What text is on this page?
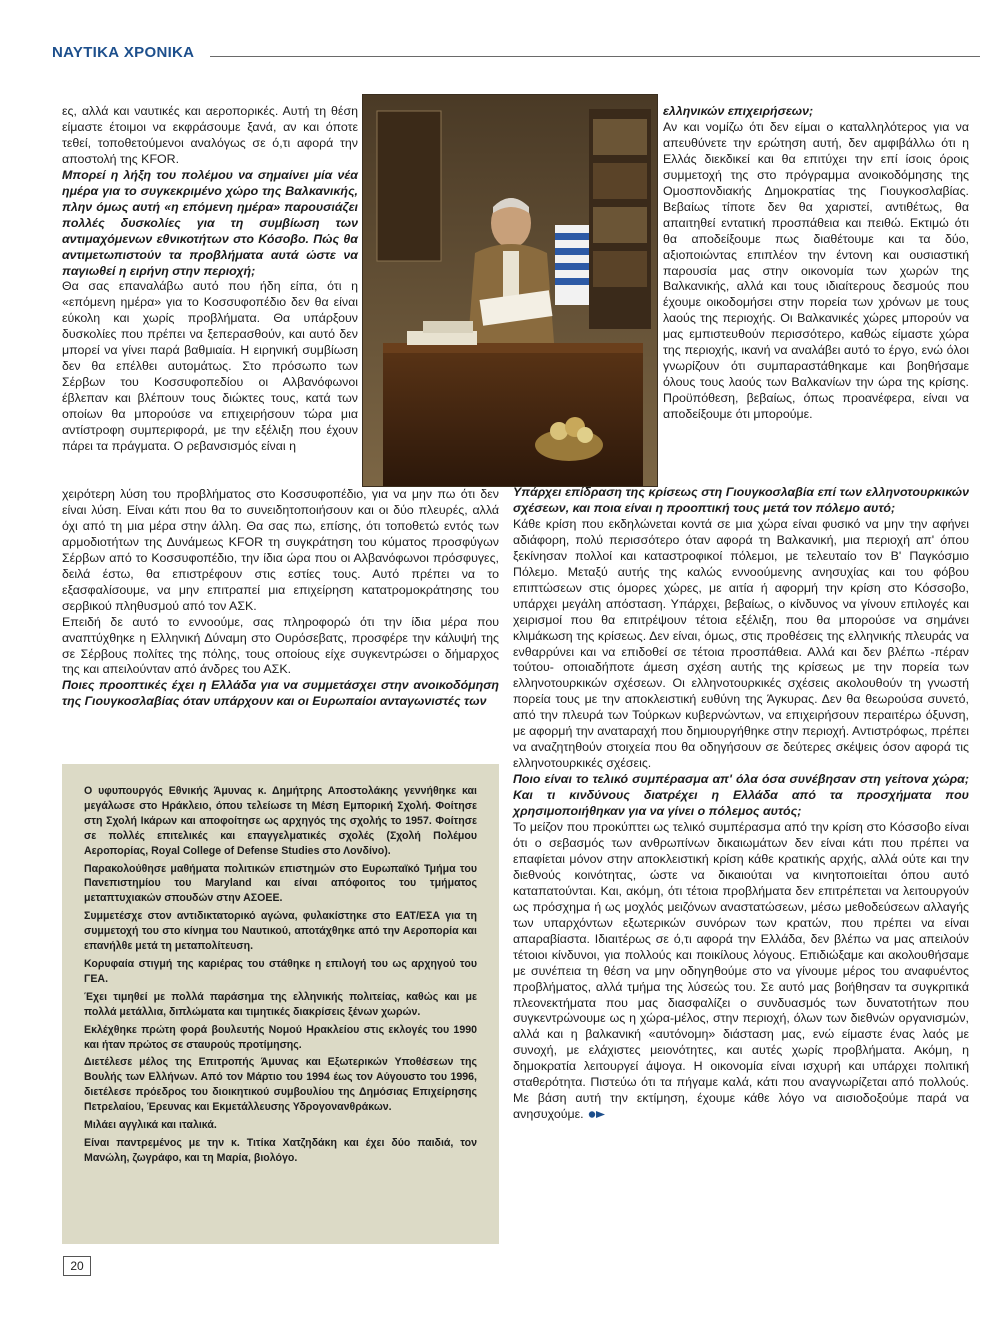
ΝΑΥΤΙΚΑ ΧΡΟΝΙΚΑ

ες, αλλά και ναυτικές και αεροπορικές. Αυτή τη θέση είμαστε έτοιμοι να εκφράσουμε ξανά, αν και όποτε τεθεί, τοποθετούμενοι αναλόγως σε ό,τι αφορά την αποστολή της KFOR.

Μπορεί η λήξη του πολέμου να σημαίνει μία νέα ημέρα για το συγκεκριμένο χώρο της Βαλκανικής, πλην όμως αυτή «η επόμενη ημέρα» παρουσιάζει πολλές δυσκολίες για τη συμβίωση των αντιμαχόμενων εθνικοτήτων στο Κόσοβο. Πώς θα αντιμετωπιστούν τα προβλήματα αυτά ώστε να παγιωθεί η ειρήνη στην περιοχή;

Θα σας επαναλάβω αυτό που ήδη είπα, ότι η «επόμενη ημέρα» για το Κοσσυφοπέδιο δεν θα είναι εύκολη και χωρίς προβλήματα. Θα υπάρξουν δυσκολίες που πρέπει να ξεπερασθούν, και αυτό δεν μπορεί να γίνει παρά βαθμιαία. Η ειρηνική συμβίωση δεν θα επέλθει αυτομάτως. Στο πρόσωπο των Σέρβων του Κοσσυφοπεδίου οι Αλβανόφωνοι έβλεπαν και βλέπουν τους διώκτες τους, κατά των οποίων θα μπορούσε να επιχειρήσουν τώρα μια αντίστροφη συμπεριφορά, με την εξέλιξη που έχουν πάρει τα πράγματα. Ο ρεβανσισμός είναι η

χειρότερη λύση του προβλήματος στο Κοσσυφοπέδιο, για να μην πω ότι δεν είναι λύση. Είναι κάτι που θα το συνειδητοποιήσουν και οι δύο πλευρές, αλλά όχι από τη μια μέρα στην άλλη. Θα σας πω, επίσης, ότι τοποθετώ εντός των αρμοδιοτήτων της Δυνάμεως KFOR τη συγκράτηση του κύματος προσφύγων Σέρβων από το Κοσσυφοπέδιο, την ίδια ώρα που οι Αλβανόφωνοι πρόσφυγες, δειλά έστω, θα επιστρέφουν στις εστίες τους. Αυτό πρέπει να το εξασφαλίσουμε, να μην επιτραπεί μια επιχείρηση κατατρομοκράτησης του σερβικού πληθυσμού από τον ΑΣΚ.

Επειδή δε αυτό το εννοούμε, σας πληροφορώ ότι την ίδια μέρα που αναπτύχθηκε η Ελληνική Δύναμη στο Ουρόσεβατς, προσφέρε την κάλυψή της σε Σέρβους πολίτες της πόλης, τους οποίους είχε συγκεντρώσει ο δήμαρχος της και απειλούνταν από άνδρες του ΑΣΚ.

Ποιες προοπτικές έχει η Ελλάδα για να συμμετάσχει στην ανοικοδόμηση της Γιουγκοσλαβίας όταν υπάρχουν και οι Ευρωπαίοι ανταγωνιστές των

ελληνικών επιχειρήσεων;

Αν και νομίζω ότι δεν είμαι ο καταλληλότερος για να απευθύνετε την ερώτηση αυτή, δεν αμφιβάλλω ότι η Ελλάς διεκδικεί και θα επιτύχει την επί ίσοις όροις συμμετοχή της στο πρόγραμμα ανοικοδόμησης της Ομοσπονδιακής Δημοκρατίας της Γιουγκοσλαβίας. Βεβαίως τίποτε δεν θα χαριστεί, αντιθέτως, θα απαιτηθεί εντατική προσπάθεια και πειθώ. Εκτιμώ ότι θα αποδείξουμε πως διαθέτουμε και τα δύο, αξιοποιώντας επιπλέον την έντονη και ουσιαστική παρουσία μας στην οικονομία των χωρών της Βαλκανικής, αλλά και τους ιδιαίτερους δεσμούς που έχουμε οικοδομήσει στην πορεία των χρόνων με τους λαούς της περιοχής. Οι Βαλκανικές χώρες μπορούν να μας εμπιστευθούν περισσότερο, καθώς είμαστε χώρα της περιοχής, ικανή να αναλάβει αυτό το έργο, ενώ όλοι γνωρίζουν ότι συμπαραστάθηκαμε και βοηθήσαμε όλους τους λαούς των Βαλκανίων την ώρα της κρίσης. Προϋπόθεση, βεβαίως, όπως προανέφερα, είναι να αποδείξουμε ότι μπορούμε.

Υπάρχει επίδραση της κρίσεως στη Γιουγκοσλαβία επί των ελληνοτουρκικών σχέσεων, και ποια είναι η προοπτική τους μετά τον πόλεμο αυτό;

Κάθε κρίση που εκδηλώνεται κοντά σε μια χώρα είναι φυσικό να μην την αφήνει αδιάφορη, πολύ περισσότερο όταν αφορά τη Βαλκανική, μια περιοχή απ' όπου ξεκίνησαν πολλοί και καταστροφικοί πόλεμοι, με τελευταίο τον Β' Παγκόσμιο Πόλεμο. Μεταξύ αυτής της καλώς εννοούμενης ανησυχίας και του φόβου επιπτώσεων στις όμορες χώρες, με αιτία ή αφορμή την κρίση στο Κόσσοβο, υπάρχει μεγάλη απόσταση. Υπάρχει, βεβαίως, ο κίνδυνος να γίνουν επιλογές και χειρισμοί που θα επιτρέψουν τέτοια εξέλιξη, που θα μπορούσε να σημάνει κλιμάκωση της κρίσεως. Δεν είναι, όμως, στις προθέσεις της ελληνικής πλευράς να ενθαρρύνει και να επιδοθεί σε τέτοια προσπάθεια. Αλλά και δεν βλέπω -πέραν τούτου- οποιαδήποτε άμεση σχέση αυτής της κρίσεως με την πορεία των ελληνοτουρκικών σχέσεων. Οι ελληνοτουρκικές σχέσεις ακολουθούν τη γνωστή πορεία τους με την αποκλειστική ευθύνη της Άγκυρας. Δεν θα θεωρούσα συνετό, από την πλευρά των Τούρκων κυβερνώντων, να επιχειρήσουν περαιτέρω όξυνση, με αφορμή την αναταραχή που δημιουργήθηκε στην περιοχή. Αντιστρόφως, πρέπει να αναζητηθούν στοιχεία που θα οδηγήσουν σε δεύτερες σκέψεις όσον αφορά τις ελληνοτουρκικές σχέσεις.

Ποιο είναι το τελικό συμπέρασμα απ' όλα όσα συνέβησαν στη γείτονα χώρα; Και τι κινδύνους διατρέχει η Ελλάδα από τα προσχήματα που χρησιμοποιήθηκαν για να γίνει ο πόλεμος αυτός;

Το μείζον που προκύπτει ως τελικό συμπέρασμα από την κρίση στο Κόσσοβο είναι ότι ο σεβασμός των ανθρωπίνων δικαιωμάτων δεν είναι κάτι που πρέπει να επαφίεται μόνον στην αποκλειστική κρίση κάθε κρατικής αρχής, αλλά ούτε και την διεθνούς κοινότητας, ώστε να δικαιούται να κινητοποιείται όπου αυτό καταπατούνται. Και, ακόμη, ότι τέτοια προβλήματα δεν επιτρέπεται να λειτουργούν ως πρόσχημα ή ως μοχλός μειζόνων αναστατώσεων, μέσω μεθοδεύσεων αλλαγής των υπαρχόντων εξωτερικών συνόρων των κρατών, που πρέπει να είναι απαραβίαστα. Ιδιαιτέρως σε ό,τι αφορά την Ελλάδα, δεν βλέπω να μας απειλούν τέτοιοι κίνδυνοι, για πολλούς και ποικίλους λόγους. Επιδιώξαμε και ακολουθήσαμε με συνέπεια τη θέση να μην οδηγηθούμε στο να γίνουμε μέρος του αναφυέντος προβλήματος, αλλά τμήμα της λύσεώς του. Σε αυτό μας βοήθησαν τα συγκριτικά πλεονεκτήματα που μας διασφαλίζει ο συνδυασμός των δυνατοτήτων που συγκεντρώνουμε ως η χώρα-μέλος, στην περιοχή, όλων των διεθνών οργανισμών, αλλά και η βαλκανική «αυτόνομη» διάσταση μας, ενώ είμαστε ένας λαός με συνοχή, με ελάχιστες μειονότητες, και αυτές χωρίς προβλήματα. Ακόμη, η δημοκρατία λειτουργεί άψογα. Η οικονομία είναι ισχυρή και υπάρχει πολιτική σταθερότητα. Πιστεύω ότι τα πήγαμε καλά, κάτι που αναγνωρίζεται από πολλούς. Με βάση αυτή την εκτίμηση, έχουμε κάθε λόγο να αισιοδοξούμε παρά να ανησυχούμε.

Ο υφυπουργός Εθνικής Άμυνας κ. Δημήτρης Αποστολάκης γεννήθηκε και μεγάλωσε στο Ηράκλειο, όπου τελείωσε τη Μέση Εμπορική Σχολή. Φοίτησε στη Σχολή Ικάρων και αποφοίτησε ως αρχηγός της σχολής το 1957. Φοίτησε σε πολλές επιτελικές και επαγγελματικές σχολές (Σχολή Πολέμου Αεροπορίας, Royal College of Defense Studies στο Λονδίνο).

Παρακολούθησε μαθήματα πολιτικών επιστημών στο Ευρωπαϊκό Τμήμα του Πανεπιστημίου του Maryland και είναι απόφοιτος του τμήματος μεταπτυχιακών σπουδών στην ΑΣΟΕΕ.

Συμμετέσχε στον αντιδικτατορικό αγώνα, φυλακίστηκε στο ΕΑΤ/ΕΣΑ για τη συμμετοχή του στο κίνημα του Ναυτικού, αποτάχθηκε από την Αεροπορία και επανήλθε μετά τη μεταπολίτευση.

Κορυφαία στιγμή της καριέρας του στάθηκε η επιλογή του ως αρχηγού του ΓΕΑ.

Έχει τιμηθεί με πολλά παράσημα της ελληνικής πολιτείας, καθώς και με πολλά μετάλλια, διπλώματα και τιμητικές διακρίσεις ξένων χωρών.

Εκλέχθηκε πρώτη φορά βουλευτής Νομού Ηρακλείου στις εκλογές του 1990 και ήταν πρώτος σε σταυρούς προτίμησης.

Διετέλεσε μέλος της Επιτροπής Άμυνας και Εξωτερικών Υποθέσεων της Βουλής των Ελλήνων. Από τον Μάρτιο του 1994 έως τον Αύγουστο του 1996, διετέλεσε πρόεδρος του διοικητικού συμβουλίου της Δημόσιας Επιχείρησης Πετρελαίου, Έρευνας και Εκμετάλλευσης Υδρογονανθράκων.

Μιλάει αγγλικά και ιταλικά.

Είναι παντρεμένος με την κ. Τιτίκα Χατζηδάκη και έχει δύο παιδιά, τον Μανώλη, ζωγράφο, και τη Μαρία, βιολόγο.

20
